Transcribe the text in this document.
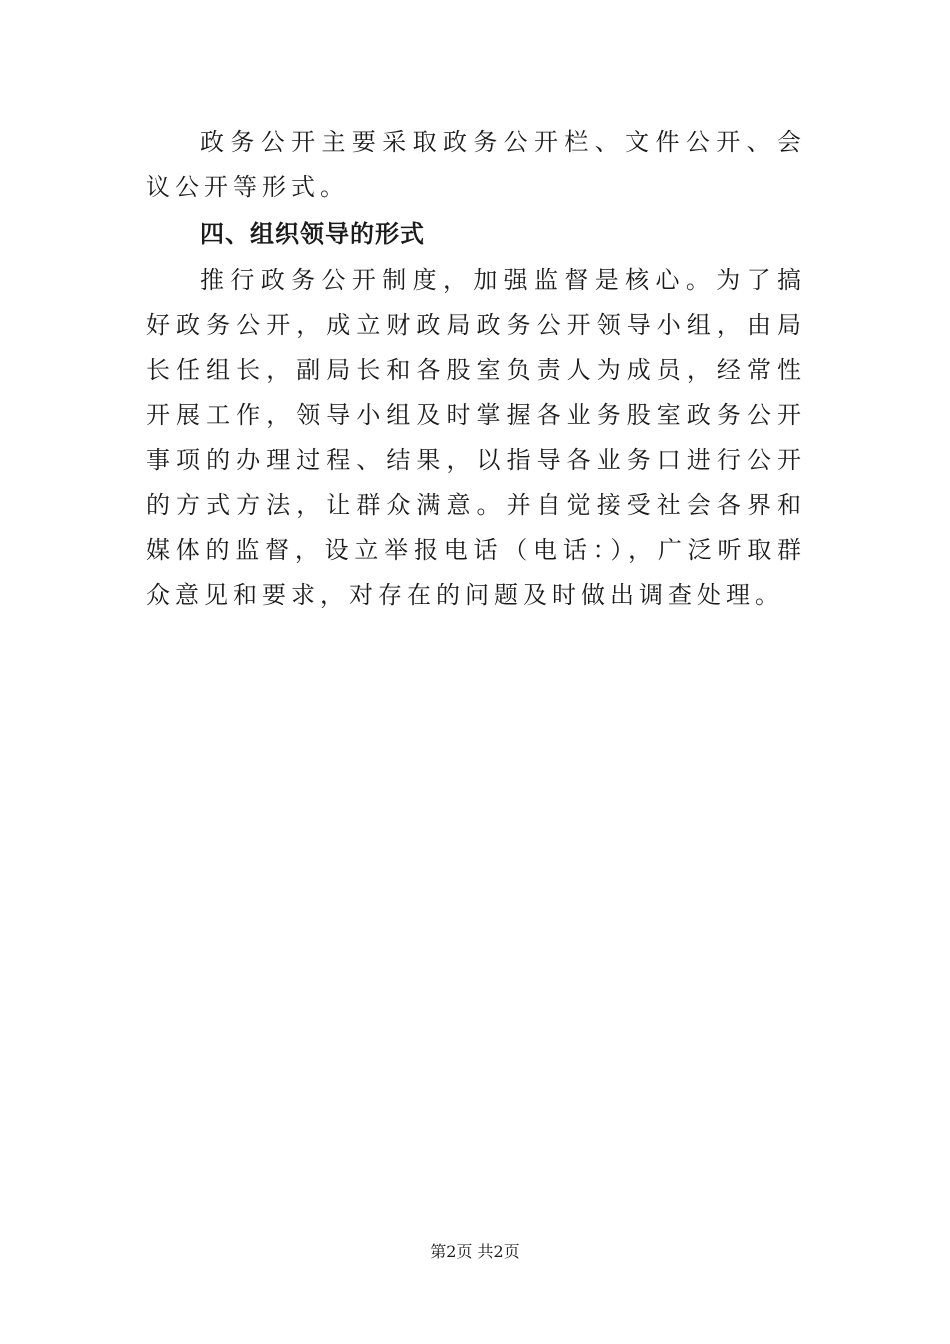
政务公开主要采取政务公开栏、文件公开、会议公开等形式。

四、组织领导的形式

推行政务公开制度，加强监督是核心。为了搞好政务公开，成立财政局政务公开领导小组，由局长任组长，副局长和各股室负责人为成员，经常性开展工作，领导小组及时掌握各业务股室政务公开事项的办理过程、结果，以指导各业务口进行公开的方式方法，让群众满意。并自觉接受社会各界和媒体的监督，设立举报电话（电话：），广泛听取群众意见和要求，对存在的问题及时做出调查处理。

第2页 共2页
